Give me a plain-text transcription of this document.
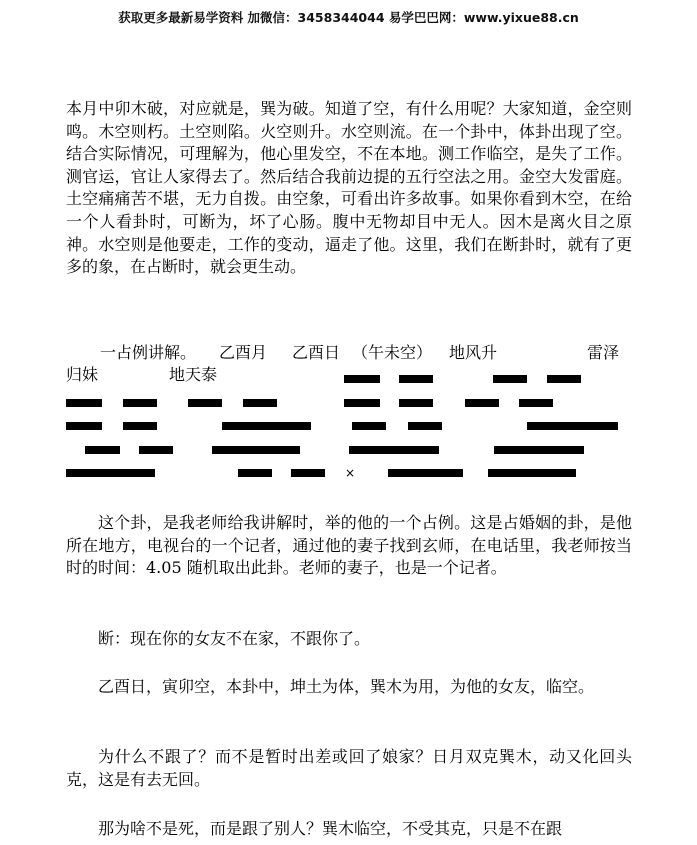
获取更多最新易学资料 加微信：3458344044 易学巴巴网：www.yixue88.cn
本月中卯木破，对应就是，巽为破。知道了空，有什么用呢？大家知道，金空则鸣。木空则朽。土空则陷。火空则升。水空则流。在一个卦中，体卦出现了空。结合实际情况，可理解为，他心里发空，不在本地。测工作临空，是失了工作。测官运，官让人家得去了。然后结合我前边提的五行空法之用。金空大发雷庭。土空痛痛苦不堪，无力自拨。由空象，可看出许多故事。如果你看到木空，在给一个人看卦时，可断为，坏了心肠。腹中无物却目中无人。因木是离火目之原神。水空则是他要走，工作的变动，逼走了他。这里，我们在断卦时，就有了更多的象，在占断时，就会更生动。
一占例讲解。 乙酉月 乙酉日 （午未空） 地风升	雷泽
归妹	地天泰
×
这个卦，是我老师给我讲解时，举的他的一个占例。这是占婚姻的卦，是他所在地方，电视台的一个记者，通过他的妻子找到玄师，在电话里，我老师按当时的时间：4.05 随机取出此卦。老师的妻子，也是一个记者。
断：现在你的女友不在家，不跟你了。
乙酉日，寅卯空，本卦中，坤土为体，巽木为用，为他的女友，临空。
为什么不跟了？而不是暂时出差或回了娘家？日月双克巽木，动又化回头克，这是有去无回。
那为啥不是死，而是跟了别人？巽木临空，不受其克，只是不在跟
